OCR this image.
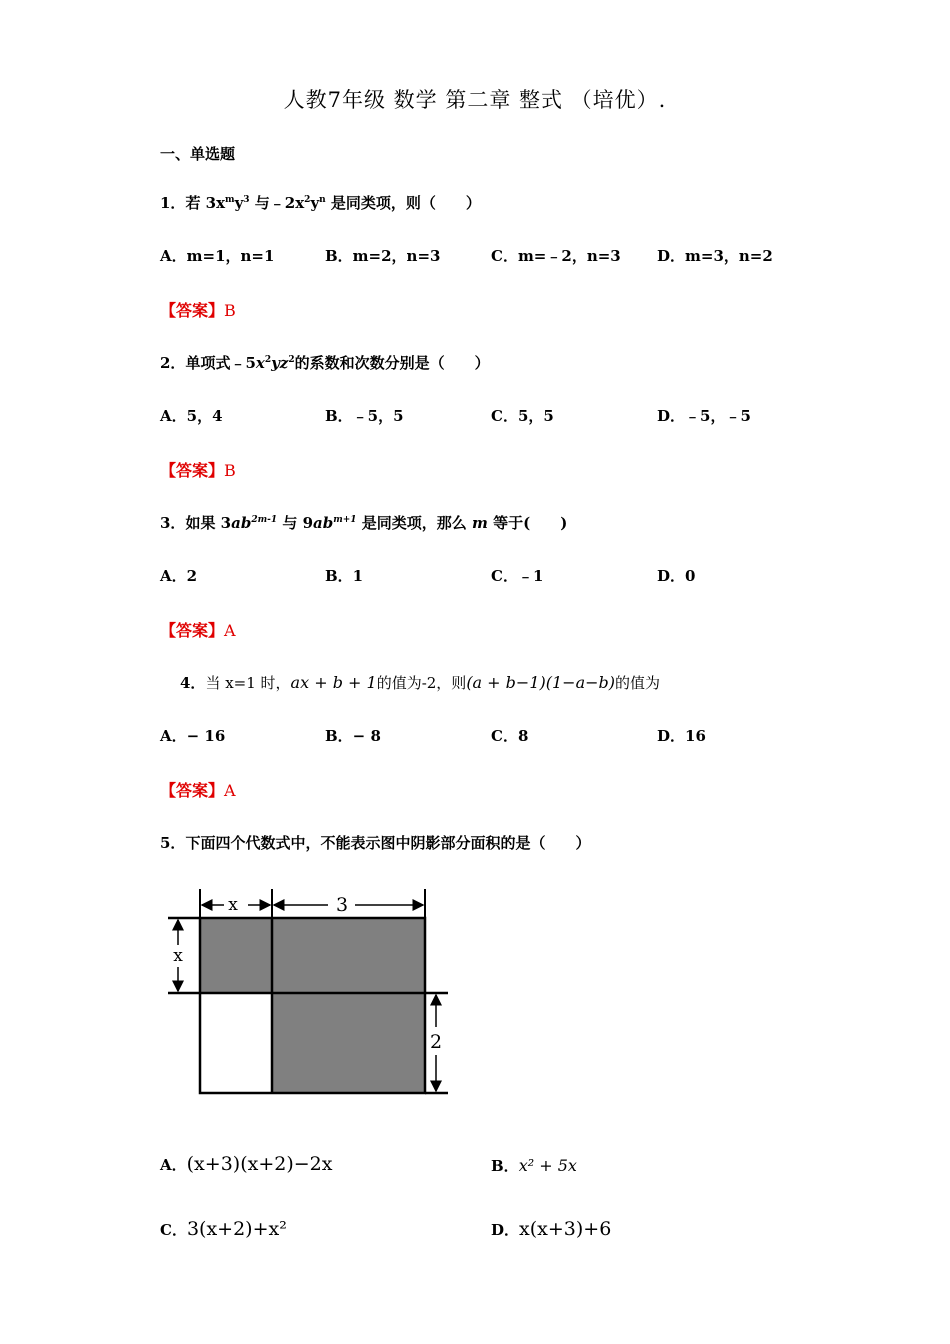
人教7年级 数学 第二章 整式 （培优）.
一、单选题
1．若 $3x^my^3$ 与$﹣2x^2y^n$ 是同类项，则（　　）
A．m=1，n=1	B．m=2，n=3	C．m=﹣2，n=3 D．m=3，n=2
【答案】B
2．单项式$﹣5x^2yz^2$的系数和次数分别是（　　）
A．5，4	B．﹣5，5	C．5，5	D．﹣5，﹣5
【答案】B
3．如果 $3ab^{2m-1}$ 与 $9ab^{m+1}$ 是同类项，那么 m 等于(　　)
A．2	B．1	C．﹣1	D．0
【答案】A
4．当 x=1 时，ax + b + 1的值为-2，则(a + b−1)(1−a−b)的值为
A．− 16	B．− 8	C．8	D．16
【答案】A
5．下面四个代数式中，不能表示图中阴影部分面积的是（　　）
x	3
x
2
A．(x+3)(x+2)−2x	B．x² + 5x
C．3(x+2)+x²	D．x(x+3)+6
